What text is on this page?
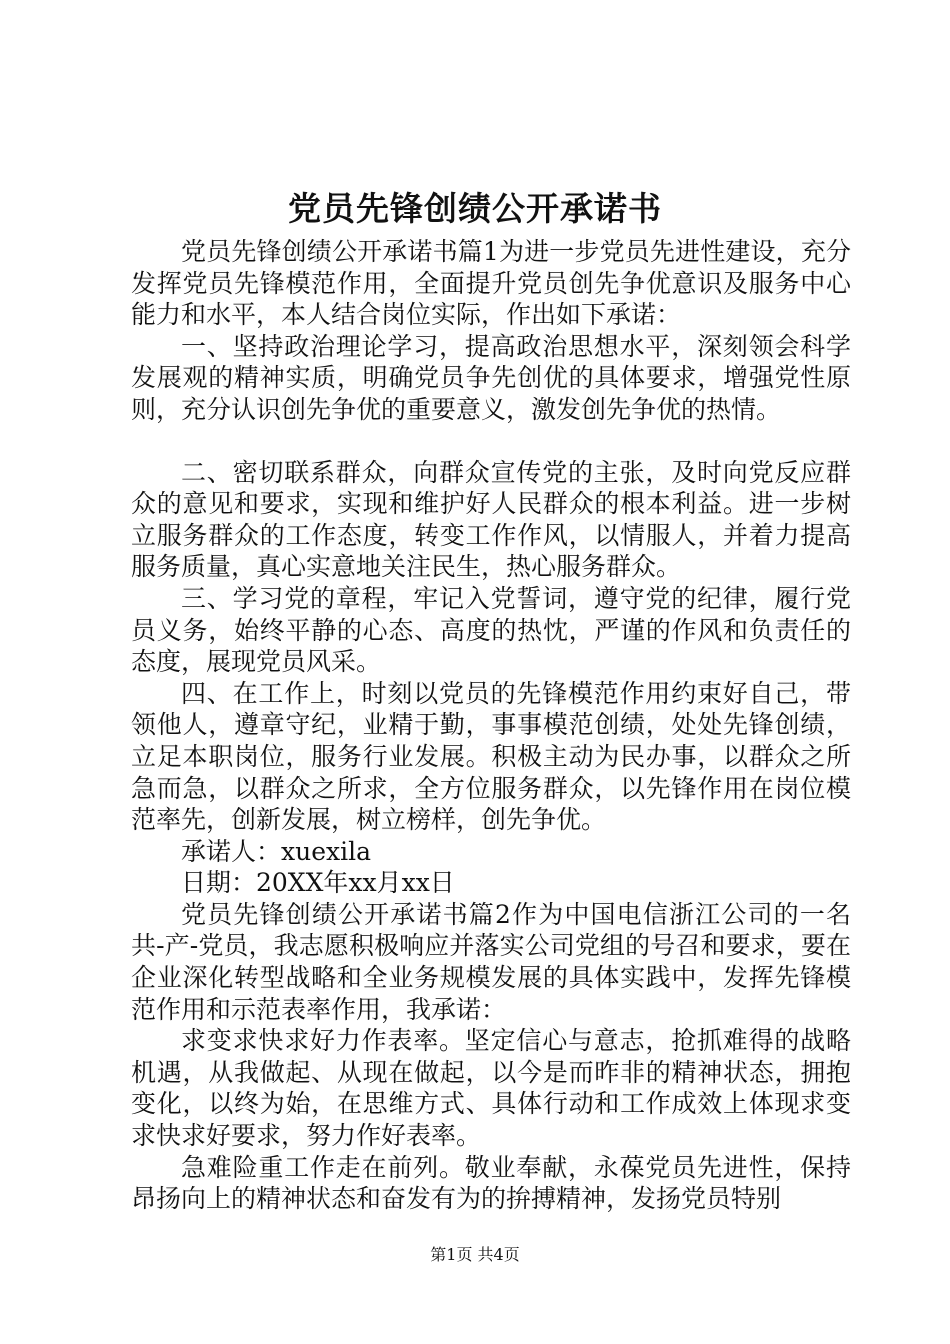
党员先锋创绩公开承诺书

党员先锋创绩公开承诺书篇1为进一步党员先进性建设，充分发挥党员先锋模范作用，全面提升党员创先争优意识及服务中心能力和水平，本人结合岗位实际，作出如下承诺：

一、坚持政治理论学习，提高政治思想水平，深刻领会科学发展观的精神实质，明确党员争先创优的具体要求，增强党性原则，充分认识创先争优的重要意义，激发创先争优的热情。

二、密切联系群众，向群众宣传党的主张，及时向党反应群众的意见和要求，实现和维护好人民群众的根本利益。进一步树立服务群众的工作态度，转变工作作风，以情服人，并着力提高服务质量，真心实意地关注民生，热心服务群众。

三、学习党的章程，牢记入党誓词，遵守党的纪律，履行党员义务，始终平静的心态、高度的热忱，严谨的作风和负责任的态度，展现党员风采。

四、在工作上，时刻以党员的先锋模范作用约束好自己，带领他人，遵章守纪，业精于勤，事事模范创绩，处处先锋创绩，立足本职岗位，服务行业发展。积极主动为民办事，以群众之所急而急，以群众之所求，全方位服务群众，以先锋作用在岗位模范率先，创新发展，树立榜样，创先争优。

承诺人：xuexila

日期：20XX年xx月xx日

党员先锋创绩公开承诺书篇2作为中国电信浙江公司的一名共-产-党员，我志愿积极响应并落实公司党组的号召和要求，要在企业深化转型战略和全业务规模发展的具体实践中，发挥先锋模范作用和示范表率作用，我承诺：

求变求快求好力作表率。坚定信心与意志，抢抓难得的战略机遇，从我做起、从现在做起，以今是而昨非的精神状态，拥抱变化，以终为始，在思维方式、具体行动和工作成效上体现求变求快求好要求，努力作好表率。

急难险重工作走在前列。敬业奉献，永葆党员先进性，保持昂扬向上的精神状态和奋发有为的拚搏精神，发扬党员特别

第1页 共4页
